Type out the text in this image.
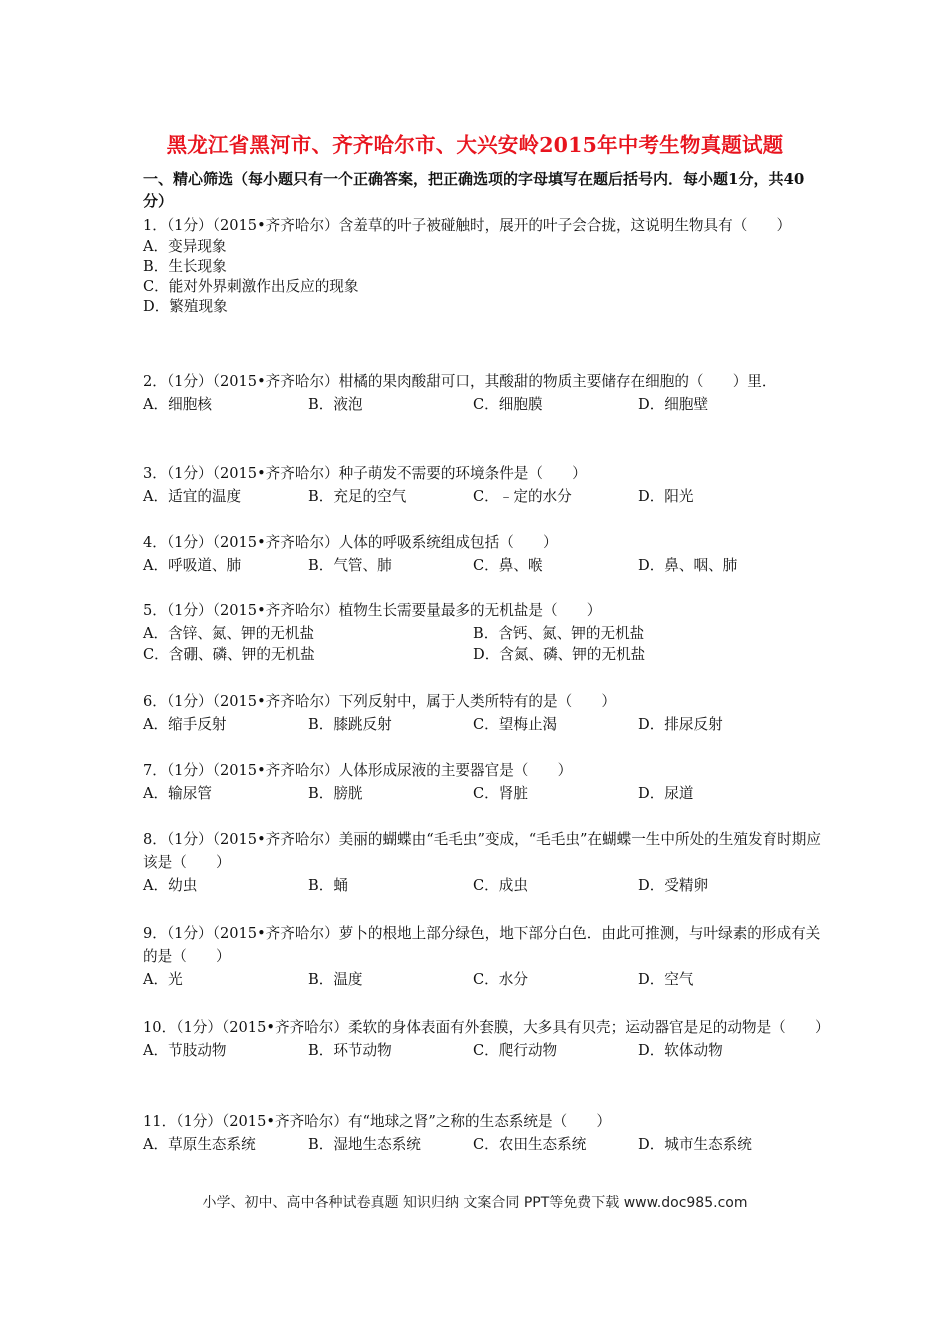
黑龙江省黑河市、齐齐哈尔市、大兴安岭2015年中考生物真题试题
一、精心筛选（每小题只有一个正确答案，把正确选项的字母填写在题后括号内．每小题1分，共40分）
1．（1分）（2015•齐齐哈尔）含羞草的叶子被碰触时，展开的叶子会合拢，这说明生物具有（　　）
A．变异现象
B．生长现象
C．能对外界刺激作出反应的现象
D．繁殖现象
2．（1分）（2015•齐齐哈尔）柑橘的果肉酸甜可口，其酸甜的物质主要储存在细胞的（　　）里．
A．细胞核	B．液泡	C．细胞膜	D．细胞壁
3．（1分）（2015•齐齐哈尔）种子萌发不需要的环境条件是（　　）
A．适宜的温度	B．充足的空气	C．﹣定的水分	D．阳光
4．（1分）（2015•齐齐哈尔）人体的呼吸系统组成包括（　　）
A．呼吸道、肺	B．气管、肺	C．鼻、喉	D．鼻、咽、肺
5．（1分）（2015•齐齐哈尔）植物生长需要量最多的无机盐是（　　）
A．含锌、氮、钾的无机盐	B．含钙、氮、钾的无机盐
C．含硼、磷、钾的无机盐	D．含氮、磷、钾的无机盐
6．（1分）（2015•齐齐哈尔）下列反射中，属于人类所特有的是（　　）
A．缩手反射	B．膝跳反射	C．望梅止渴	D．排尿反射
7．（1分）（2015•齐齐哈尔）人体形成尿液的主要器官是（　　）
A．输尿管	B．膀胱	C．肾脏	D．尿道
8．（1分）（2015•齐齐哈尔）美丽的蝴蝶由“毛毛虫”变成，“毛毛虫”在蝴蝶一生中所处的生殖发育时期应该是（　　）
A．幼虫	B．蛹	C．成虫	D．受精卵
9．（1分）（2015•齐齐哈尔）萝卜的根地上部分绿色，地下部分白色．由此可推测，与叶绿素的形成有关的是（　　）
A．光	B．温度	C．水分	D．空气
10．（1分）（2015•齐齐哈尔）柔软的身体表面有外套膜，大多具有贝壳；运动器官是足的动物是（　　）
A．节肢动物	B．环节动物	C．爬行动物	D．软体动物
11．（1分）（2015•齐齐哈尔）有“地球之肾”之称的生态系统是（　　）
A．草原生态系统	B．湿地生态系统	C．农田生态系统	D．城市生态系统
小学、初中、高中各种试卷真题 知识归纳 文案合同 PPT等免费下载 www.doc985.com
